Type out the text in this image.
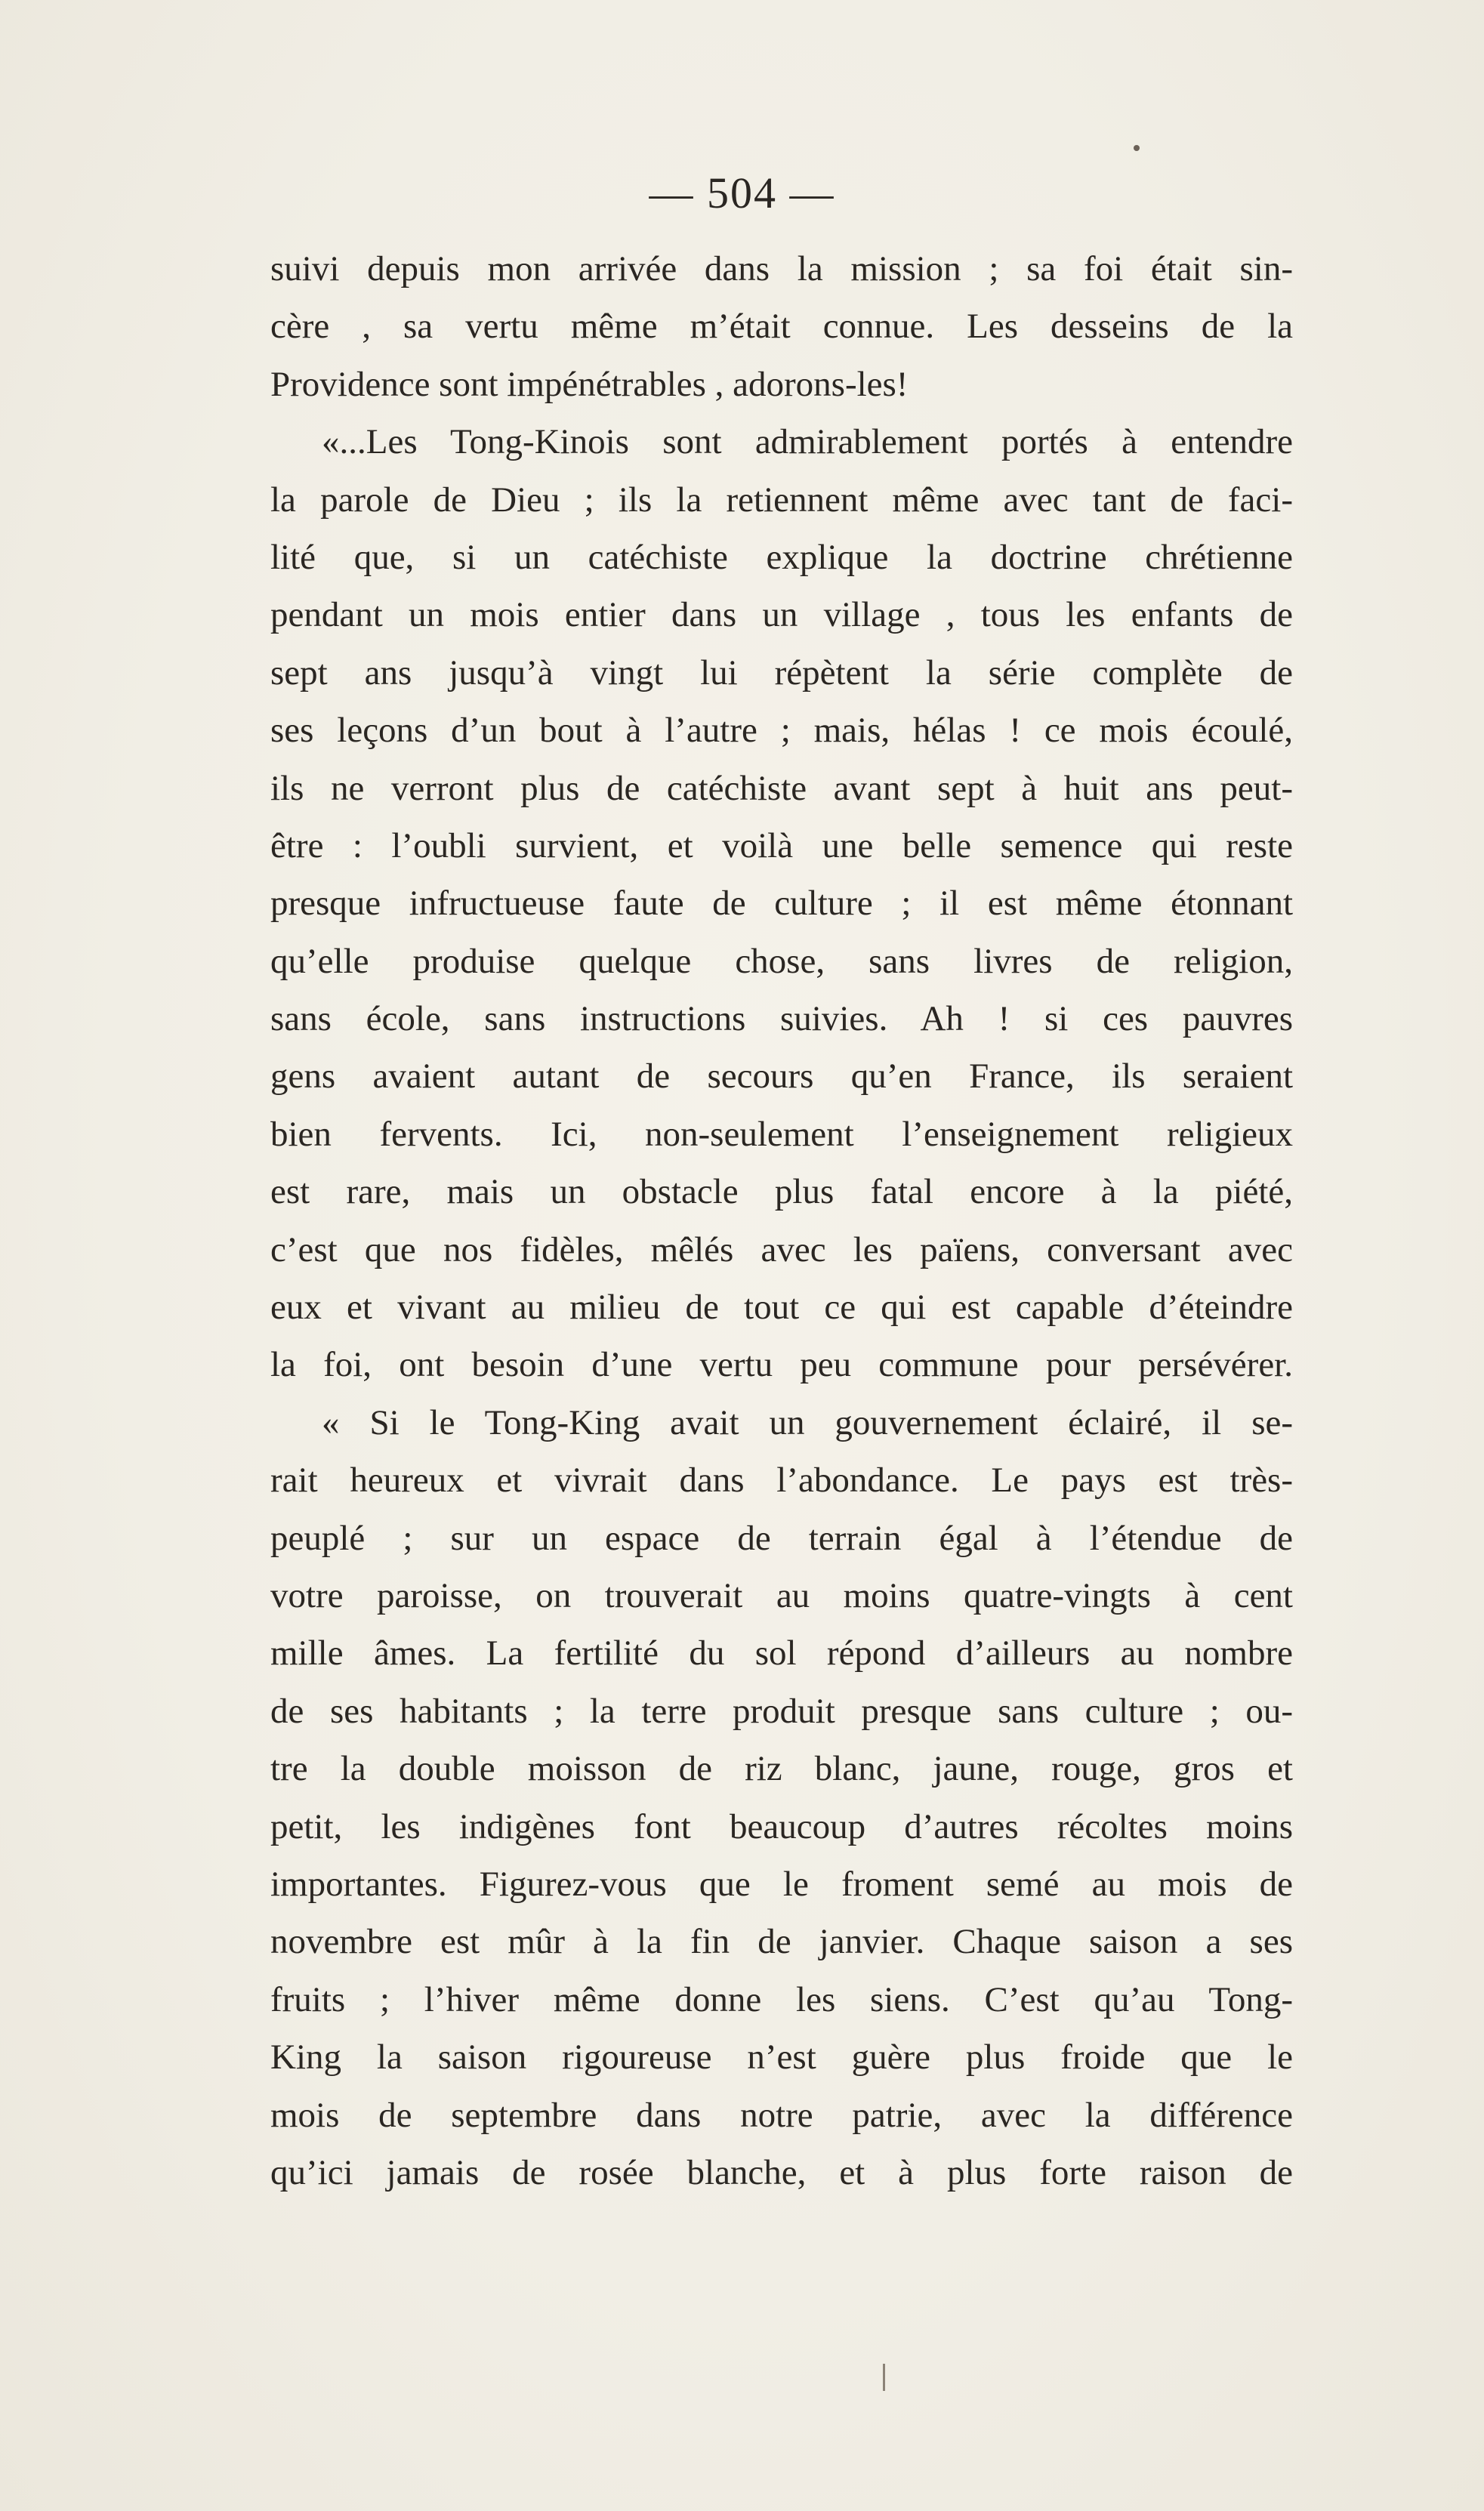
— 504 —
suivi depuis mon arrivée dans la mission ; sa foi était sin-
cère , sa vertu même m’était connue. Les desseins de la
Providence sont impénétrables , adorons-les!
«...Les Tong-Kinois sont admirablement portés à entendre
la parole de Dieu ; ils la retiennent même avec tant de faci-
lité que, si un catéchiste explique la doctrine chrétienne
pendant un mois entier dans un village , tous les enfants de
sept ans jusqu’à vingt lui répètent la série complète de
ses leçons d’un bout à l’autre ; mais, hélas ! ce mois écoulé,
ils ne verront plus de catéchiste avant sept à huit ans peut-
être : l’oubli survient, et voilà une belle semence qui reste
presque infructueuse faute de culture ; il est même étonnant
qu’elle produise quelque chose, sans livres de religion,
sans école, sans instructions suivies. Ah ! si ces pauvres
gens avaient autant de secours qu’en France, ils seraient
bien fervents. Ici, non-seulement l’enseignement religieux
est rare, mais un obstacle plus fatal encore à la piété,
c’est que nos fidèles, mêlés avec les païens, conversant avec
eux et vivant au milieu de tout ce qui est capable d’éteindre
la foi, ont besoin d’une vertu peu commune pour persévérer.
« Si le Tong-King avait un gouvernement éclairé, il se-
rait heureux et vivrait dans l’abondance. Le pays est très-
peuplé ; sur un espace de terrain égal à l’étendue de
votre paroisse, on trouverait au moins quatre-vingts à cent
mille âmes. La fertilité du sol répond d’ailleurs au nombre
de ses habitants ; la terre produit presque sans culture ; ou-
tre la double moisson de riz blanc, jaune, rouge, gros et
petit, les indigènes font beaucoup d’autres récoltes moins
importantes. Figurez-vous que le froment semé au mois de
novembre est mûr à la fin de janvier. Chaque saison a ses
fruits ; l’hiver même donne les siens. C’est qu’au Tong-
King la saison rigoureuse n’est guère plus froide que le
mois de septembre dans notre patrie, avec la différence
qu’ici jamais de rosée blanche, et à plus forte raison de
